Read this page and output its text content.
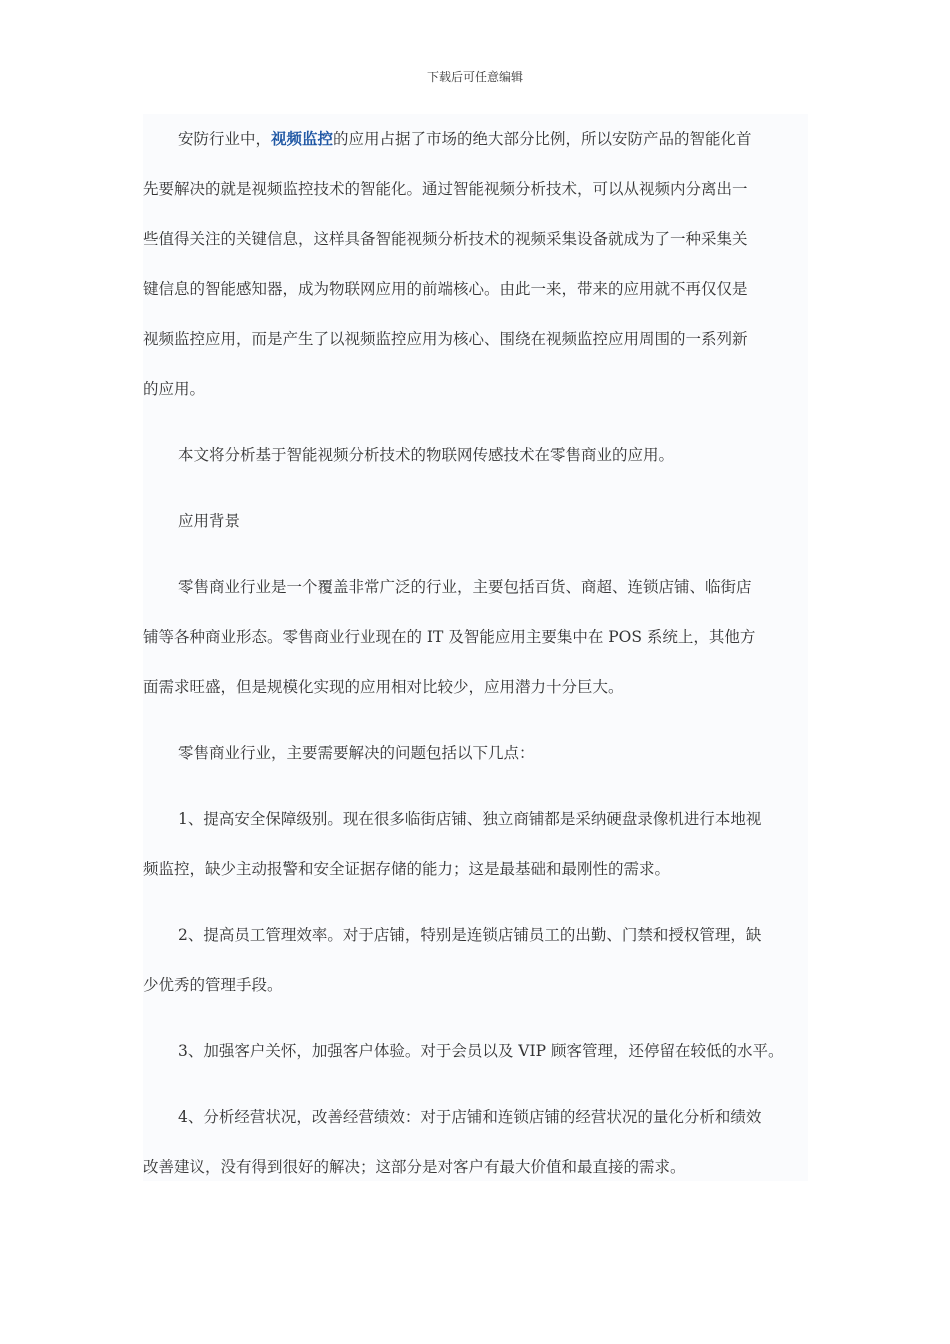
下载后可任意编辑

安防行业中，视频监控的应用占据了市场的绝大部分比例，所以安防产品的智能化首

先要解决的就是视频监控技术的智能化。通过智能视频分析技术，可以从视频内分离出一

些值得关注的关键信息，这样具备智能视频分析技术的视频采集设备就成为了一种采集关

键信息的智能感知器，成为物联网应用的前端核心。由此一来，带来的应用就不再仅仅是

视频监控应用，而是产生了以视频监控应用为核心、围绕在视频监控应用周围的一系列新

的应用。

本文将分析基于智能视频分析技术的物联网传感技术在零售商业的应用。

应用背景

零售商业行业是一个覆盖非常广泛的行业，主要包括百货、商超、连锁店铺、临街店

铺等各种商业形态。零售商业行业现在的 IT 及智能应用主要集中在 POS 系统上，其他方

面需求旺盛，但是规模化实现的应用相对比较少，应用潜力十分巨大。

零售商业行业，主要需要解决的问题包括以下几点：

1、提高安全保障级别。现在很多临街店铺、独立商铺都是采纳硬盘录像机进行本地视

频监控，缺少主动报警和安全证据存储的能力；这是最基础和最刚性的需求。

2、提高员工管理效率。对于店铺，特别是连锁店铺员工的出勤、门禁和授权管理，缺

少优秀的管理手段。

3、加强客户关怀，加强客户体验。对于会员以及 VIP 顾客管理，还停留在较低的水平。

4、分析经营状况，改善经营绩效：对于店铺和连锁店铺的经营状况的量化分析和绩效

改善建议，没有得到很好的解决；这部分是对客户有最大价值和最直接的需求。
